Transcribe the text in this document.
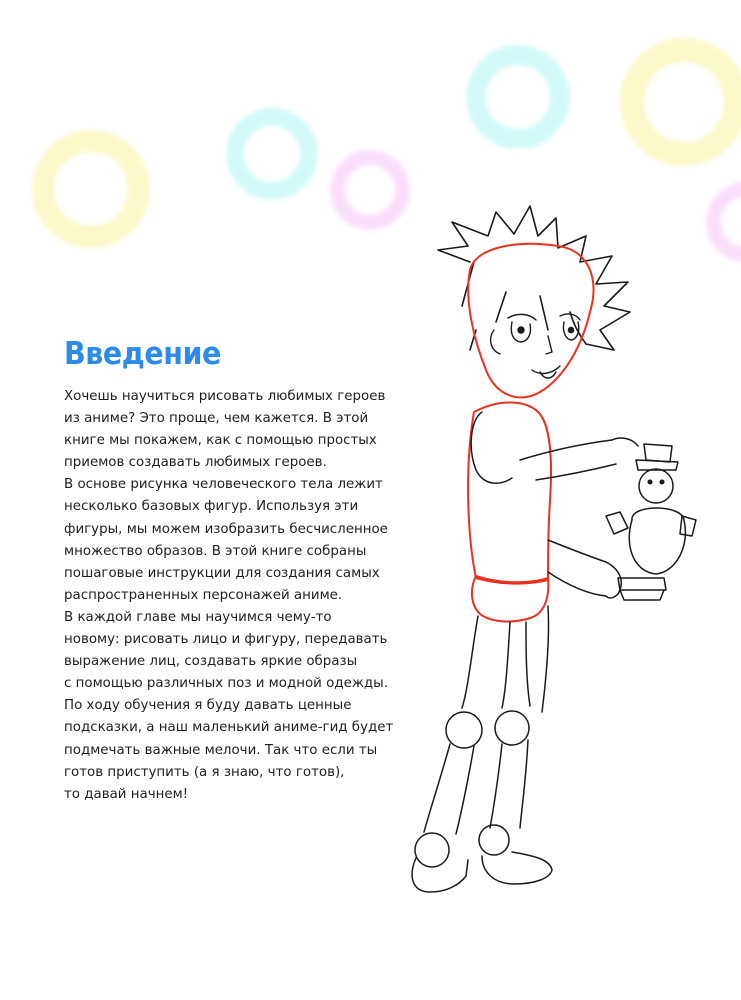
Введение
Хочешь научиться рисовать любимых героев
из аниме? Это проще, чем кажется. В этой
книге мы покажем, как с помощью простых
приемов создавать любимых героев.
В основе рисунка человеческого тела лежит
несколько базовых фигур. Используя эти
фигуры, мы можем изобразить бесчисленное
множество образов. В этой книге собраны
пошаговые инструкции для создания самых
распространенных персонажей аниме.
В каждой главе мы научимся чему-то
новому: рисовать лицо и фигуру, передавать
выражение лиц, создавать яркие образы
с помощью различных поз и модной одежды.
По ходу обучения я буду давать ценные
подсказки, а наш маленький аниме-гид будет
подмечать важные мелочи. Так что если ты
готов приступить (а я знаю, что готов),
то давай начнем!
